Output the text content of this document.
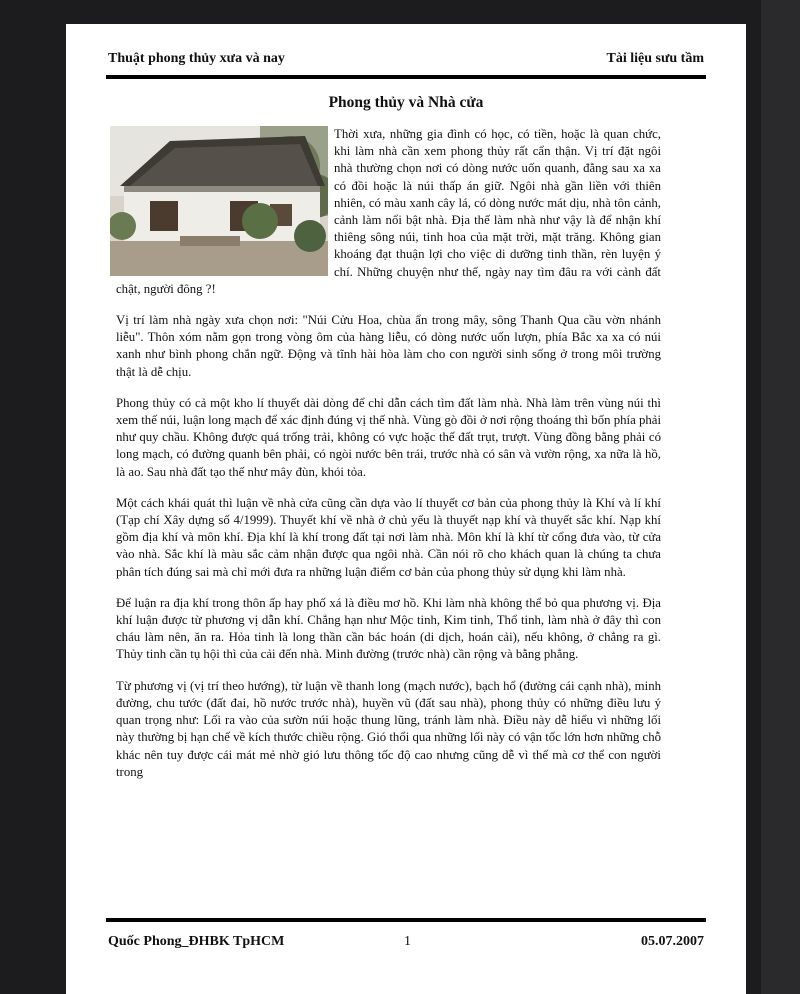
Thuật phong thủy xưa và nay	Tài liệu sưu tầm
Phong thủy và Nhà cửa

Thời xưa, những gia đình có học, có tiền, hoặc là quan chức, khi làm nhà cần xem phong thủy rất cẩn thận. Vị trí đặt ngôi nhà thường chọn nơi có dòng nước uốn quanh, đằng sau xa xa có đồi hoặc là núi thấp án giữ. Ngôi nhà gần liền với thiên nhiên, có màu xanh cây lá, có dòng nước mát dịu, nhà tôn cảnh, cảnh làm nổi bật nhà. Địa thế làm nhà như vậy là để nhận khí thiêng sông núi, tinh hoa của mặt trời, mặt trăng. Không gian khoáng đạt thuận lợi cho việc di dưỡng tinh thần, rèn luyện ý chí. Những chuyện như thế, ngày nay tìm đâu ra với cảnh đất chật, người đông ?!

Vị trí làm nhà ngày xưa chọn nơi: "Núi Cửu Hoa, chùa ẩn trong mây, sông Thanh Qua cầu vờn nhánh liễu". Thôn xóm nằm gọn trong vòng ôm của hàng liễu, có dòng nước uốn lượn, phía Bắc xa xa có núi xanh như bình phong chắn ngữ. Động và tĩnh hài hòa làm cho con người sinh sống ở trong môi trường thật là dễ chịu.

Phong thủy có cả một kho lí thuyết dài dòng để chỉ dẫn cách tìm đất làm nhà. Nhà làm trên vùng núi thì xem thế núi, luận long mạch để xác định đúng vị thế nhà. Vùng gò đồi ở nơi rộng thoáng thì bốn phía phải như quy chầu. Không được quá trống trải, không có vực hoặc thế đất trụt, trượt. Vùng đồng bằng phải có long mạch, có đường quanh bên phải, có ngòi nước bên trái, trước nhà có sân và vườn rộng, xa nữa là hồ, là ao. Sau nhà đất tạo thế như mây đùn, khói tỏa.

Một cách khái quát thì luận về nhà cửa cũng cần dựa vào lí thuyết cơ bản của phong thủy là Khí và lí khí (Tạp chí Xây dựng số 4/1999). Thuyết khí về nhà ở chủ yếu là thuyết nạp khí và thuyết sắc khí. Nạp khí gồm địa khí và môn khí. Địa khí là khí trong đất tại nơi làm nhà. Môn khí là khí từ cổng đưa vào, từ cửa vào nhà. Sắc khí là màu sắc cảm nhận được qua ngôi nhà. Cần nói rõ cho khách quan là chúng ta chưa phân tích đúng sai mà chỉ mới đưa ra những luận điểm cơ bản của phong thủy sử dụng khi làm nhà.

Để luận ra địa khí trong thôn ấp hay phố xá là điều mơ hồ. Khi làm nhà không thể bỏ qua phương vị. Địa khí luận được từ phương vị dẫn khí. Chẳng hạn như Mộc tinh, Kim tinh, Thổ tinh, làm nhà ở đây thì con cháu làm nên, ăn ra. Hỏa tinh là long thần cần bác hoán (di dịch, hoán cải), nếu không, ở chẳng ra gì. Thủy tinh cần tụ hội thì của cải đến nhà. Minh đường (trước nhà) cần rộng và bằng phẳng.

Từ phương vị (vị trí theo hướng), từ luận về thanh long (mạch nước), bạch hổ (đường cái cạnh nhà), minh đường, chu tước (đất đai, hồ nước trước nhà), huyền vũ (đất sau nhà), phong thủy có những điều lưu ý quan trọng như: Lối ra vào của sườn núi hoặc thung lũng, tránh làm nhà. Điều này dễ hiểu vì những lối này thường bị hạn chế về kích thước chiều rộng. Gió thổi qua những lối này có vận tốc lớn hơn những chỗ khác nên tuy được cái mát mẻ nhờ gió lưu thông tốc độ cao nhưng cũng dễ vì thế mà cơ thể con người trong

Quốc Phong_ĐHBK TpHCM	1	05.07.2007
